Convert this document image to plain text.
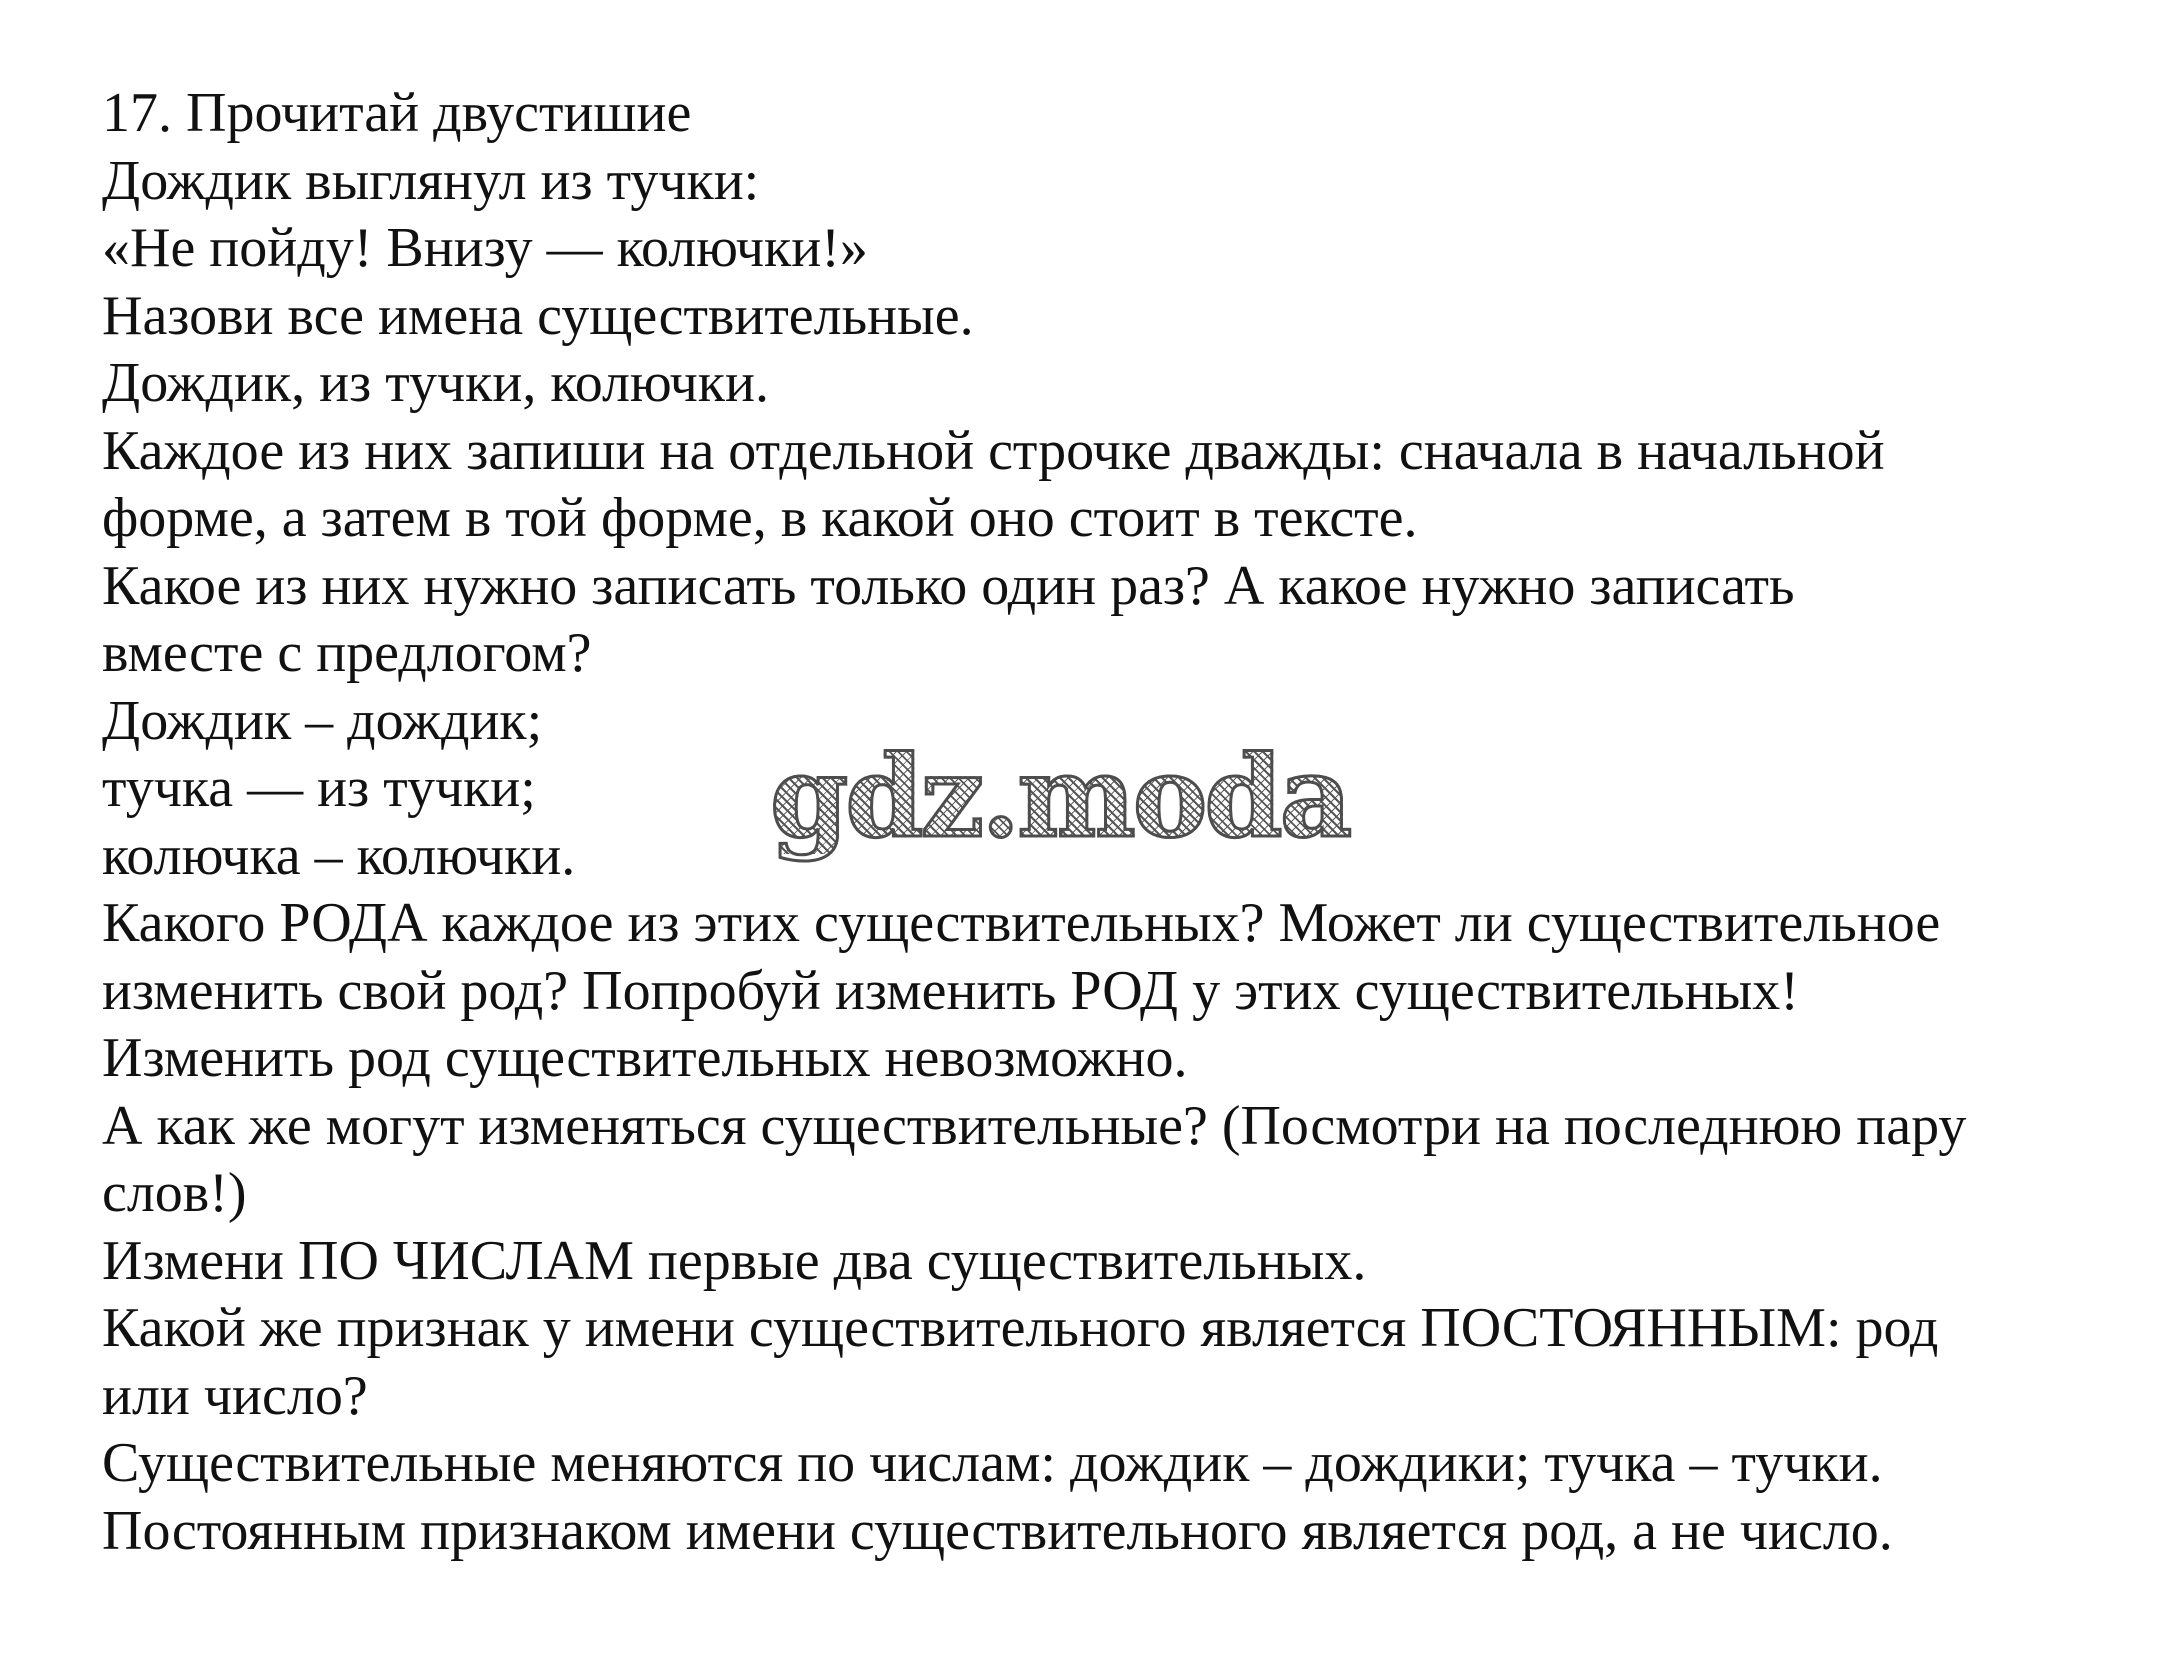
17. Прочитай двустишие
Дождик выглянул из тучки:
«Не пойду! Внизу — колючки!»
Назови все имена существительные.
Дождик, из тучки, колючки.
Каждое из них запиши на отдельной строчке дважды: сначала в начальной
форме, а затем в той форме, в какой оно стоит в тексте.
Какое из них нужно записать только один раз? А какое нужно записать
вместе с предлогом?
Дождик – дождик;
тучка — из тучки;
колючка – колючки.
Какого РОДА каждое из этих существительных? Может ли существительное
изменить свой род? Попробуй изменить РОД у этих существительных!
Изменить род существительных невозможно.
А как же могут изменяться существительные? (Посмотри на последнюю пару
слов!)
Измени ПО ЧИСЛАМ первые два существительных.
Какой же признак у имени существительного является ПОСТОЯННЫМ: род
или число?
Существительные меняются по числам: дождик – дождики; тучка – тучки.
Постоянным признаком имени существительного является род, а не число.
gdz.moda
